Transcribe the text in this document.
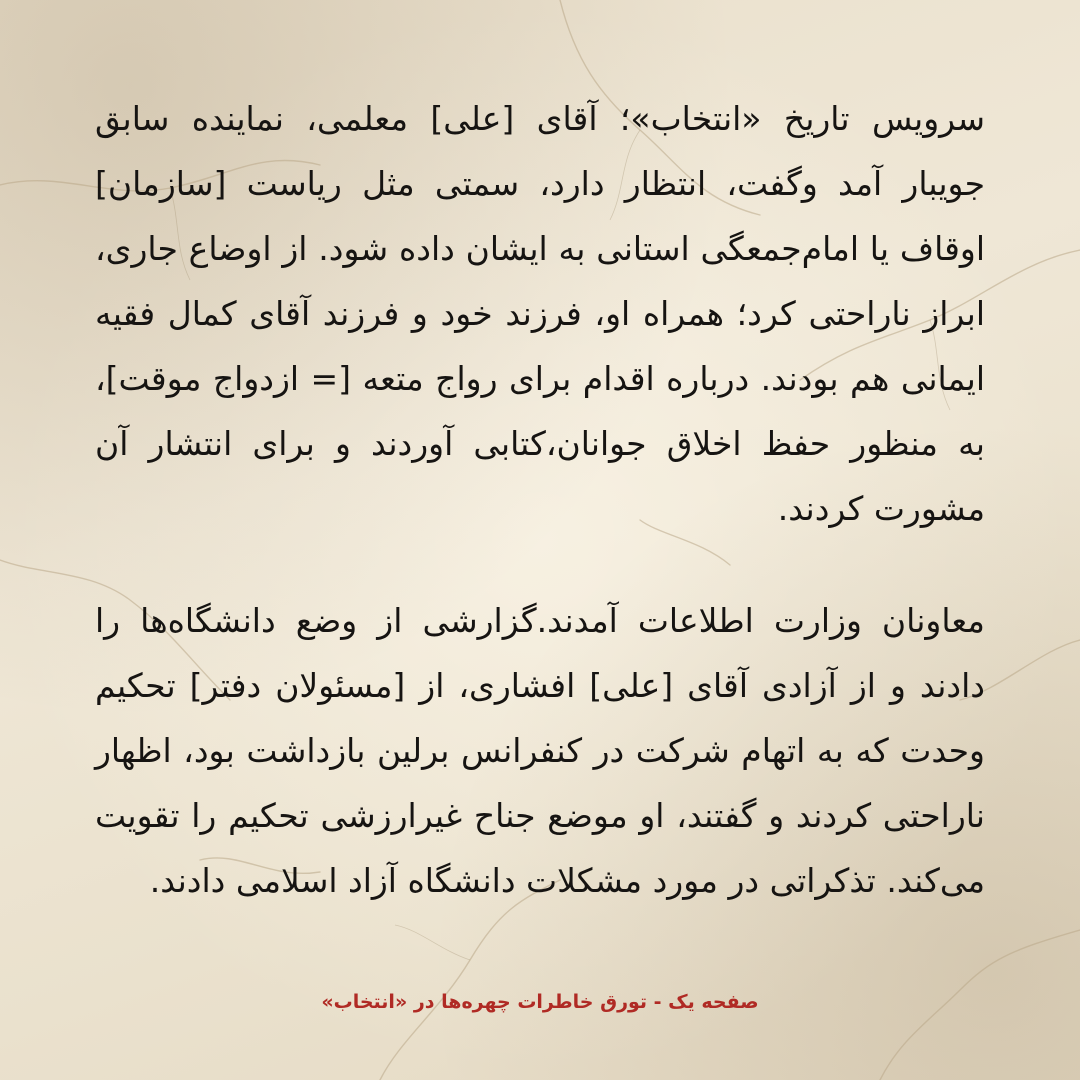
سرویس تاریخ «انتخاب»؛ آقای [علی] معلمی، نماینده سابق جویبار آمد وگفت، انتظار دارد، سمتی مثل ریاست [سازمان] اوقاف یا امام‌جمعگی استانی به ایشان داده شود. از اوضاع جاری، ابراز ناراحتی کرد؛ همراه او، فرزند خود و فرزند آقای کمال فقیه ایمانی هم بودند. درباره اقدام برای رواج متعه [= ازدواج موقت]، به منظور حفظ اخلاق جوانان،کتابی آوردند و برای انتشار آن مشورت کردند.

معاونان وزارت اطلاعات آمدند.گزارشی از وضع دانشگاه‌ها را دادند و از آزادی آقای [علی] افشاری، از [مسئولان دفتر] تحکیم وحدت که به اتهام شرکت در کنفرانس برلین بازداشت بود، اظهار ناراحتی کردند و گفتند، او موضع جناح غیرارزشی تحکیم را تقویت می‌کند. تذکراتی در مورد مشکلات دانشگاه آزاد اسلامی دادند.

صفحه یک - تورق خاطرات چهره‌ها در «انتخاب»
